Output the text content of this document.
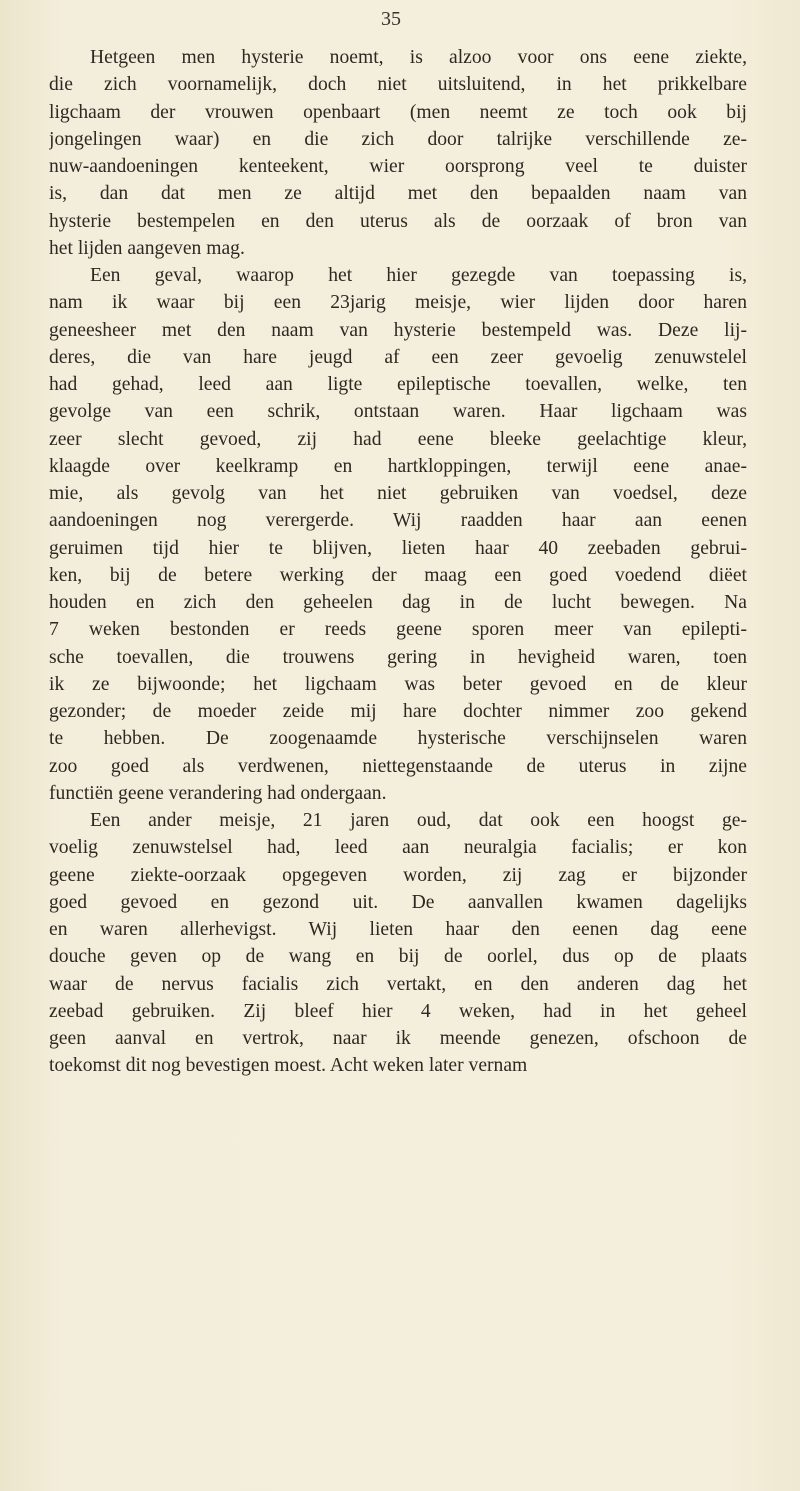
35
Hetgeen men hysterie noemt, is alzoo voor ons eene ziekte,
die zich voornamelijk, doch niet uitsluitend, in het prikkelbare
ligchaam der vrouwen openbaart (men neemt ze toch ook bij
jongelingen waar) en die zich door talrijke verschillende ze-
nuw-aandoeningen kenteekent, wier oorsprong veel te duister
is, dan dat men ze altijd met den bepaalden naam van
hysterie bestempelen en den uterus als de oorzaak of bron van
het lijden aangeven mag.
Een geval, waarop het hier gezegde van toepassing is,
nam ik waar bij een 23jarig meisje, wier lijden door haren
geneesheer met den naam van hysterie bestempeld was. Deze lij-
deres, die van hare jeugd af een zeer gevoelig zenuwstelel
had gehad, leed aan ligte epileptische toevallen, welke, ten
gevolge van een schrik, ontstaan waren. Haar ligchaam was
zeer slecht gevoed, zij had eene bleeke geelachtige kleur,
klaagde over keelkramp en hartkloppingen, terwijl eene anae-
mie, als gevolg van het niet gebruiken van voedsel, deze
aandoeningen nog verergerde. Wij raadden haar aan eenen
geruimen tijd hier te blijven, lieten haar 40 zeebaden gebrui-
ken, bij de betere werking der maag een goed voedend diëet
houden en zich den geheelen dag in de lucht bewegen. Na
7 weken bestonden er reeds geene sporen meer van epilepti-
sche toevallen, die trouwens gering in hevigheid waren, toen
ik ze bijwoonde; het ligchaam was beter gevoed en de kleur
gezonder; de moeder zeide mij hare dochter nimmer zoo gekend
te hebben. De zoogenaamde hysterische verschijnselen waren
zoo goed als verdwenen, niettegenstaande de uterus in zijne
functiën geene verandering had ondergaan.
Een ander meisje, 21 jaren oud, dat ook een hoogst ge-
voelig zenuwstelsel had, leed aan neuralgia facialis; er kon
geene ziekte-oorzaak opgegeven worden, zij zag er bijzonder
goed gevoed en gezond uit. De aanvallen kwamen dagelijks
en waren allerhevigst. Wij lieten haar den eenen dag eene
douche geven op de wang en bij de oorlel, dus op de plaats
waar de nervus facialis zich vertakt, en den anderen dag het
zeebad gebruiken. Zij bleef hier 4 weken, had in het geheel
geen aanval en vertrok, naar ik meende genezen, ofschoon de
toekomst dit nog bevestigen moest. Acht weken later vernam
